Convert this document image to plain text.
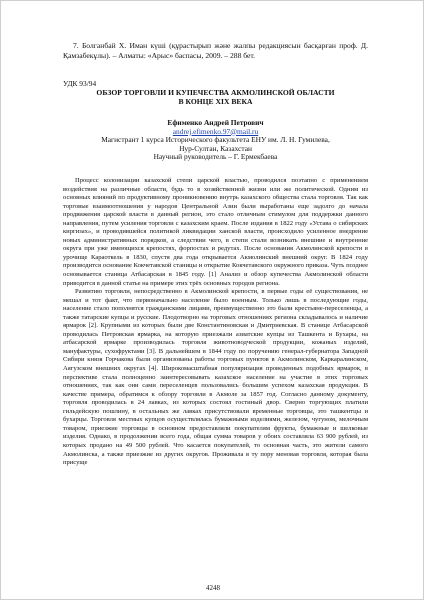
7. Болганбай Х. Иман күші (құрастырып және жалпы редакциясын басқарған проф. Д. Қамзабекұлы). – Алматы: «Арыс» баспасы, 2009. – 288 бет.
УДК 93/94
ОБЗОР ТОРГОВЛИ И КУПЕЧЕСТВА АКМОЛИНСКОЙ ОБЛАСТИ
В КОНЦЕ XIX ВЕКА
Ефименко Андрей Петрович
andrej.efimenko.97@mail.ru
Магистрант 1 курса Исторического факультета ЕНУ им. Л. Н. Гумилева,
Нур-Султан, Казахстан
Научный руководитель – Г. Ермекбаева

Процесс колонизации казахской степи царской властью, проводился поэтапно с применением воздействия на различные области, будь то в хозяйственной жизни или же политической. Одним из основных влияний по продуктивному проникновению внутрь казахского общества стала торговля. Так как торговые взаимоотношения у народов Центральной Азии были выработаны еще задолго до начала продвижения царской власти в данный регион, это стало отличным стимулом для поддержки данного направления, путем усиления торговли с казахским краем. После издания в 1822 году «Устава о сибирских киргизах», и проводившейся политикой ликвидации ханской власти, происходило усиленное внедрение новых административных порядков, а следствии чего, в степи стали возникать внешние и внутренние округа при уже имеющихся крепостях, форпостах и редутах. После основания Акмолинской крепости в урочище Караоткель в 1830, спустя два года открывается Акмолинский внешний округ. В 1824 году производится основание Кокчетавской станицы и открытие Кокчетавского окружного приказа. Чуть позднее основывается станица Атбасарская в 1845 году. [1] Анализ и обзор купечества Акмолинской области приводится в данной статье на примере этих трёх основных городов региона.

Развитию торговли, непосредственно в Акмолинской крепости, в первые годы её существования, не мешал и тот факт, что первоначально население было военным. Только лишь в последующие годы, население стало пополнятся гражданскими лицами, преимущественно это были крестьяне-переселенцы, а также татарские купцы и русские. Плодотворно на торговых отношениях региона складывалось и наличие ярмарок [2]. Крупными из которых были две Константиновская и Дмитриевская. В станице Атбасарской проводилась Петровская ярмарка, на которую приезжали азиатские купцы из Ташкента и Бухары, на атбасарской ярмарке производилась торговля животноводческой продукции, кожаных изделий, мануфактуры, сухофруктами [3]. В дальнейшем в 1844 году по поручению генерал-губернатора Западной Сибири князя Горчакова были организованы работы торговых пунктов в Акмолинском, Каркаралинском, Аягузском внешних округах [4]. Широкомасштабная популяризация проведенных подобных ярмарок, в перспективе стала полноценно заинтересовывать казахское население на участие в этих торговых отношениях, так как они сами переселенцев пользовались большим успехом казахская продукция. В качестве примера, обратимся к обзору торговли в Акмоле за 1857 год. Согласно данному документу, торговля проводилась в 24 лавках, из которых состоял гостиный двор. Сверно торгующих платили гильдейскую пошлину, в остальных же лавках присутствовали временные торговцы, это ташкентцы и бухарцы. Торговля местных купцов осуществлялась бумажными изделиями, железом, чугуном, мелочным товаром, приезжие торговцы в основном предоставляли покупателям фрукты, бумажные и шелковые изделия. Однако, в продолжении всего года, общая сумма товаров у обоих составляла 63 900 рублей, из которых продано на 49 500 рублей. Что касается покупателей, то основная часть, это жители самого Акмолинска, а также приезжие из других округов. Проживала в ту пору меновая торговля, которая была присуще

4248
